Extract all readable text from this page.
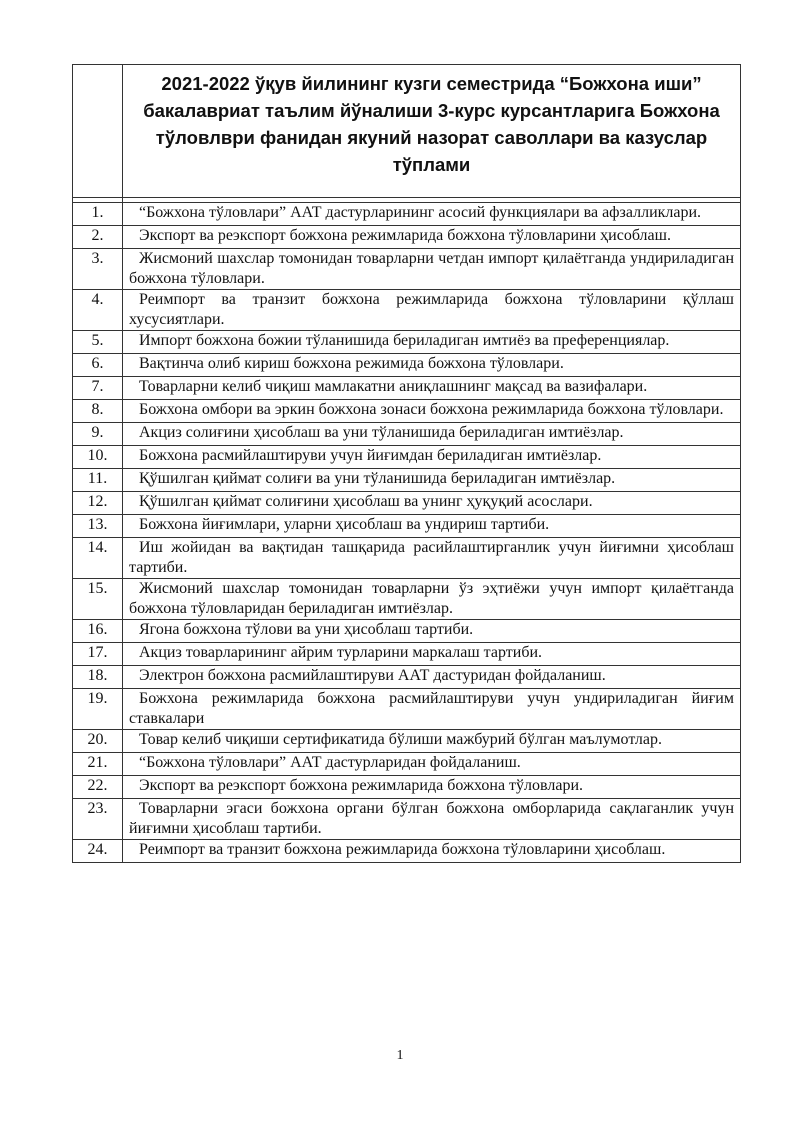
	2021-2022 ўқув йилининг кузги семестрида “Божхона иши” бакалавриат таълим йўналиши 3-курс курсантларига Божхона тўловлври фанидан якуний назорат саволлари ва казуслар тўплами

1.	“Божхона тўловлари” ААТ дастурларининг асосий функциялари ва афзалликлари.
2.	Экспорт ва реэкспорт божхона режимларида божхона тўловларини ҳисоблаш.
3.	Жисмоний шахслар томонидан товарларни четдан импорт қилаётганда ундириладиган божхона тўловлари.
4.	Реимпорт ва транзит божхона режимларида божхона тўловларини қўллаш хусусиятлари.
5.	Импорт божхона божии тўланишида бериладиган имтиёз ва преференциялар.
6.	Вақтинча олиб кириш божхона режимида божхона тўловлари.
7.	Товарларни келиб чиқиш мамлакатни аниқлашнинг мақсад ва вазифалари.
8.	Божхона омбори ва эркин божхона зонаси божхона режимларида божхона тўловлари.
9.	Акциз солиғини ҳисоблаш ва уни тўланишида бериладиган имтиёзлар.
10.	Божхона расмийлаштируви учун йиғимдан бериладиган имтиёзлар.
11.	Қўшилган қиймат солиғи ва уни тўланишида бериладиган имтиёзлар.
12.	Қўшилган қиймат солиғини ҳисоблаш ва унинг ҳуқуқий асослари.
13.	Божхона йиғимлари, уларни ҳисоблаш ва ундириш тартиби.
14.	Иш жойидан ва вақтидан ташқарида расийлаштирганлик учун йиғимни ҳисоблаш тартиби.
15.	Жисмоний шахслар томонидан товарларни ўз эҳтиёжи учун импорт қилаётганда божхона тўловларидан бериладиган имтиёзлар.
16.	Ягона божхона тўлови ва уни ҳисоблаш тартиби.
17.	Акциз товарларининг айрим турларини маркалаш тартиби.
18.	Электрон божхона расмийлаштируви ААТ дастуридан фойдаланиш.
19.	Божхона режимларида божхона расмийлаштируви учун ундириладиган йиғим ставкалари
20.	Товар келиб чиқиши сертификатида бўлиши мажбурий бўлган маълумотлар.
21.	“Божхона тўловлари” ААТ дастурларидан фойдаланиш.
22.	Экспорт ва реэкспорт божхона режимларида божхона тўловлари.
23.	Товарларни эгаси божхона органи бўлган божхона омборларида сақлаганлик учун йиғимни ҳисоблаш тартиби.
24.	Реимпорт ва транзит божхона режимларида божхона тўловларини ҳисоблаш.
1
